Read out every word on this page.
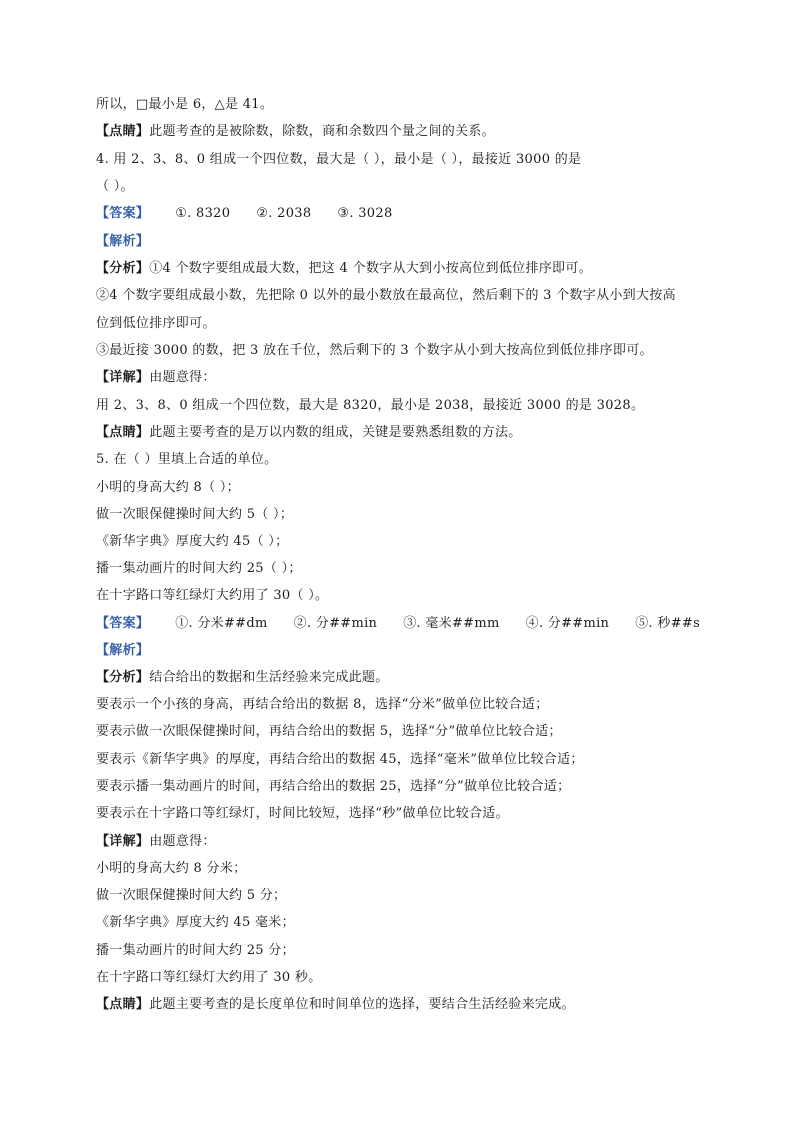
所以，□最小是 6，△是 41。
【点睛】此题考查的是被除数，除数，商和余数四个量之间的关系。
4. 用 2、3、8、0 组成一个四位数，最大是（ ），最小是（ ），最接近 3000 的是
（ ）。
【答案】 ①. 8320 ②. 2038 ③. 3028
【解析】
【分析】①4 个数字要组成最大数，把这 4 个数字从大到小按高位到低位排序即可。
②4 个数字要组成最小数，先把除 0 以外的最小数放在最高位，然后剩下的 3 个数字从小到大按高
位到低位排序即可。
③最近接 3000 的数，把 3 放在千位，然后剩下的 3 个数字从小到大按高位到低位排序即可。
【详解】由题意得：
用 2、3、8、0 组成一个四位数，最大是 8320，最小是 2038，最接近 3000 的是 3028。
【点睛】此题主要考查的是万以内数的组成，关键是要熟悉组数的方法。
5. 在（ ）里填上合适的单位。
小明的身高大约 8（ ）；
做一次眼保健操时间大约 5（ ）；
《新华字典》厚度大约 45（ ）；
播一集动画片的时间大约 25（ ）；
在十字路口等红绿灯大约用了 30（ ）。
【答案】 ①. 分米##dm ②. 分##min ③. 毫米##mm ④. 分##min ⑤. 秒##s
【解析】
【分析】结合给出的数据和生活经验来完成此题。
要表示一个小孩的身高，再结合给出的数据 8，选择“分米”做单位比较合适；
要表示做一次眼保健操时间，再结合给出的数据 5，选择“分”做单位比较合适；
要表示《新华字典》的厚度，再结合给出的数据 45，选择“毫米”做单位比较合适；
要表示播一集动画片的时间，再结合给出的数据 25，选择“分”做单位比较合适；
要表示在十字路口等红绿灯，时间比较短，选择“秒”做单位比较合适。
【详解】由题意得：
小明的身高大约 8 分米；
做一次眼保健操时间大约 5 分；
《新华字典》厚度大约 45 毫米；
播一集动画片的时间大约 25 分；
在十字路口等红绿灯大约用了 30 秒。
【点睛】此题主要考查的是长度单位和时间单位的选择，要结合生活经验来完成。
